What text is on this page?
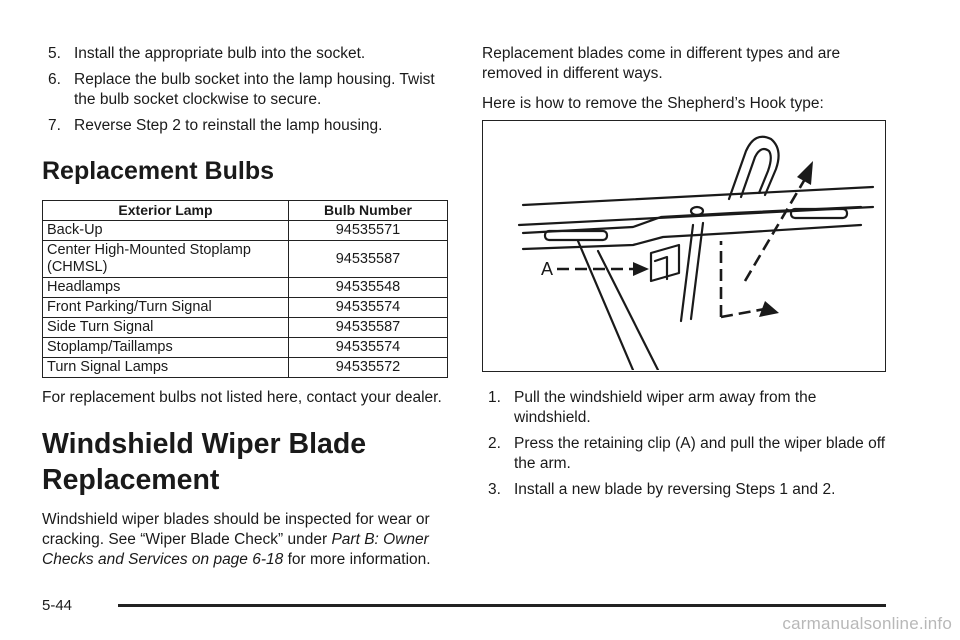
5. Install the appropriate bulb into the socket.
6. Replace the bulb socket into the lamp housing. Twist the bulb socket clockwise to secure.
7. Reverse Step 2 to reinstall the lamp housing.
Replacement Bulbs
Exterior Lamp	Bulb Number
Back-Up	94535571
Center High-Mounted Stoplamp (CHMSL)	94535587
Headlamps	94535548
Front Parking/Turn Signal	94535574
Side Turn Signal	94535587
Stoplamp/Taillamps	94535574
Turn Signal Lamps	94535572

For replacement bulbs not listed here, contact your dealer.

Windshield Wiper Blade Replacement

Windshield wiper blades should be inspected for wear or cracking. See “Wiper Blade Check” under Part B: Owner Checks and Services on page 6-18 for more information.

Replacement blades come in different types and are removed in different ways.

Here is how to remove the Shepherd’s Hook type:

A
1. Pull the windshield wiper arm away from the windshield.
2. Press the retaining clip (A) and pull the wiper blade off the arm.
3. Install a new blade by reversing Steps 1 and 2.
5-44
carmanualsonline.info
